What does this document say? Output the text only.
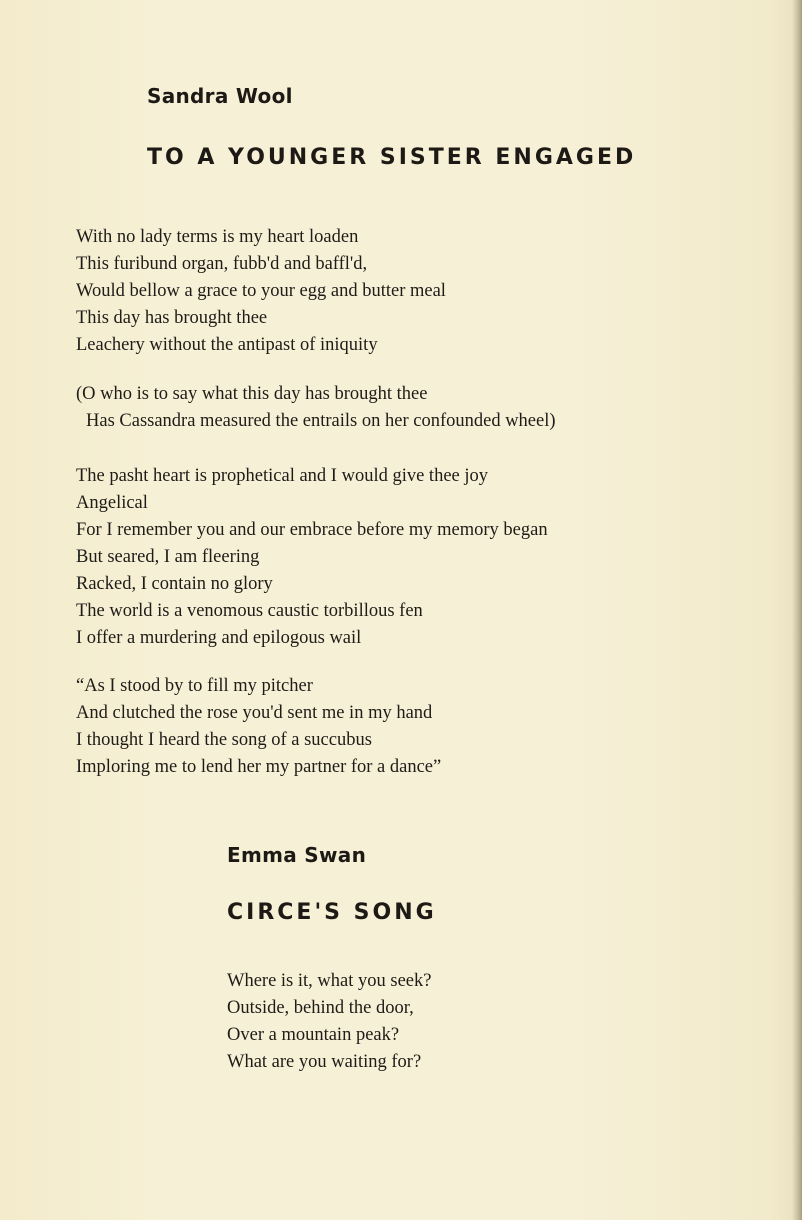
Sandra Wool
TO A YOUNGER SISTER ENGAGED
With no lady terms is my heart loaden
This furibund organ, fubb'd and baffl'd,
Would bellow a grace to your egg and butter meal
This day has brought thee
Leachery without the antipast of iniquity
(O who is to say what this day has brought thee
Has Cassandra measured the entrails on her confounded wheel)
The pasht heart is prophetical and I would give thee joy
Angelical
For I remember you and our embrace before my memory began
But seared, I am fleering
Racked, I contain no glory
The world is a venomous caustic torbillous fen
I offer a murdering and epilogous wail
“As I stood by to fill my pitcher
And clutched the rose you'd sent me in my hand
I thought I heard the song of a succubus
Imploring me to lend her my partner for a dance”
Emma Swan
CIRCE'S SONG
Where is it, what you seek?
Outside, behind the door,
Over a mountain peak?
What are you waiting for?
